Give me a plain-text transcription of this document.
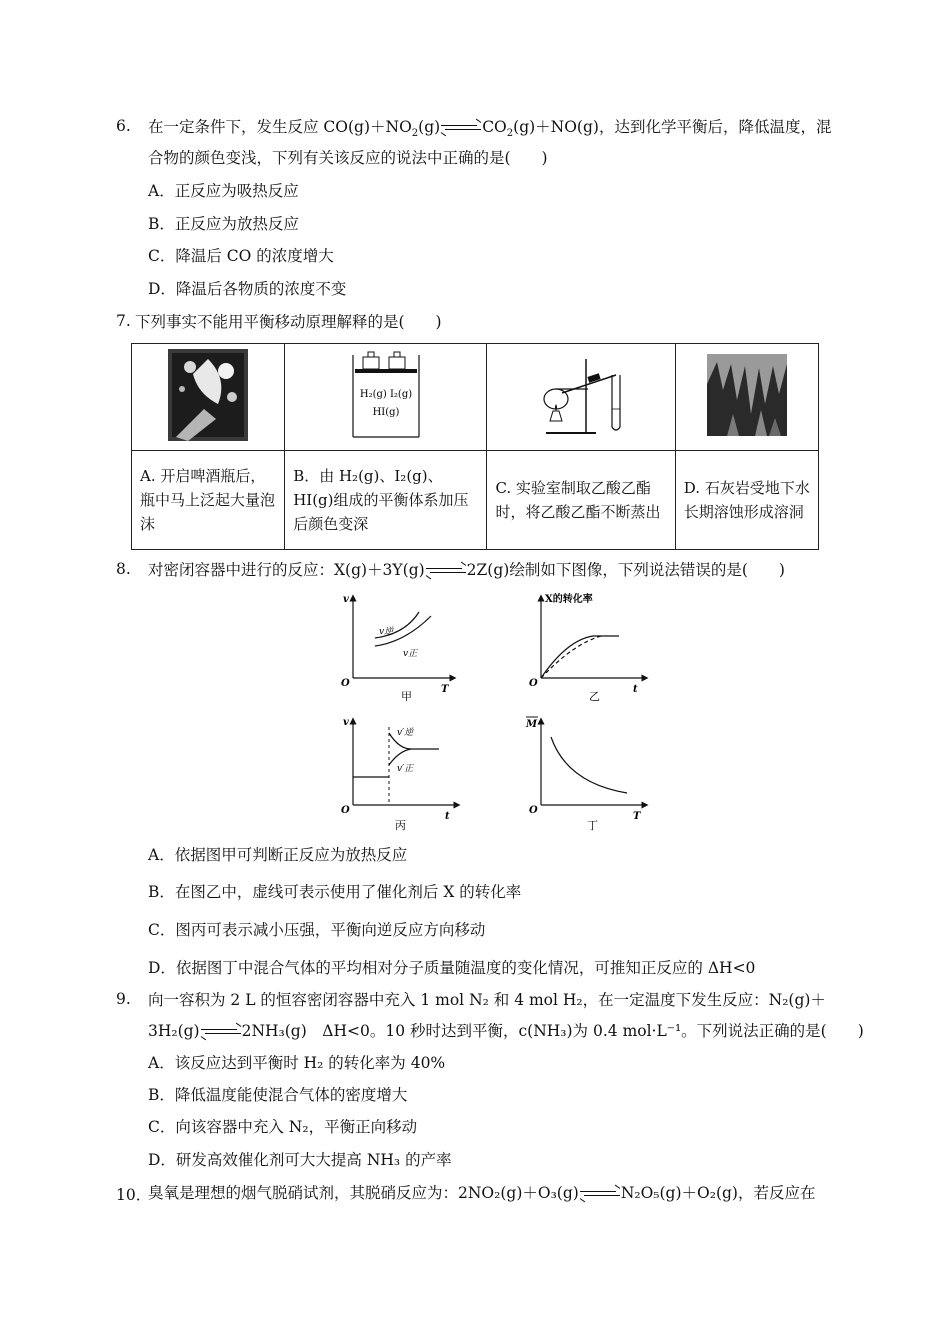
6. 在一定条件下，发生反应 $CO(g)+NO_2(g)$	$CO_2(g)+NO(g)$，达到化学平衡后，降低温度，混
合物的颜色变浅，下列有关该反应的说法中正确的是(　　)
A．正反应为吸热反应
B．正反应为放热反应
C．降温后 CO 的浓度增大
D．降温后各物质的浓度不变
7. 下列事实不能用平衡移动原理解释的是(　　)

H₂(g) I₂(g)
HI(g)

A. 开启啤酒瓶后，瓶中马上泛起大量泡沫	B．由 H₂(g)、I₂(g)、HI(g)组成的平衡体系加压后颜色变深	C. 实验室制取乙酸乙酯时，将乙酸乙酯不断蒸出	D. 石灰岩受地下水长期溶蚀形成溶洞
8. 对密闭容器中进行的反应：X(g)＋3Y(g)	2Z(g)绘制如下图像，下列说法错误的是(　　)
v
T
O
v逆
v正
甲
X的转化率
t
O
乙
v
t
O
v′逆
v′正
丙
M
T
O
丁
A．依据图甲可判断正反应为放热反应
B．在图乙中，虚线可表示使用了催化剂后 X 的转化率
C．图丙可表示减小压强，平衡向逆反应方向移动
D．依据图丁中混合气体的平均相对分子质量随温度的变化情况，可推知正反应的 ΔH<0
9. 向一容积为 2 L 的恒容密闭容器中充入 1 mol N₂ 和 4 mol H₂，在一定温度下发生反应：N₂(g)＋
3H₂(g)	2NH₃(g)　ΔH<0。10 秒时达到平衡，c(NH₃)为 0.4 mol·L⁻¹。下列说法正确的是(　　)
A．该反应达到平衡时 H₂ 的转化率为 40%
B．降低温度能使混合气体的密度增大
C．向该容器中充入 N₂，平衡正向移动
D．研发高效催化剂可大大提高 NH₃ 的产率
10．
臭氧是理想的烟气脱硝试剂，其脱硝反应为：2NO₂(g)＋O₃(g)	N₂O₅(g)＋O₂(g)，若反应在
